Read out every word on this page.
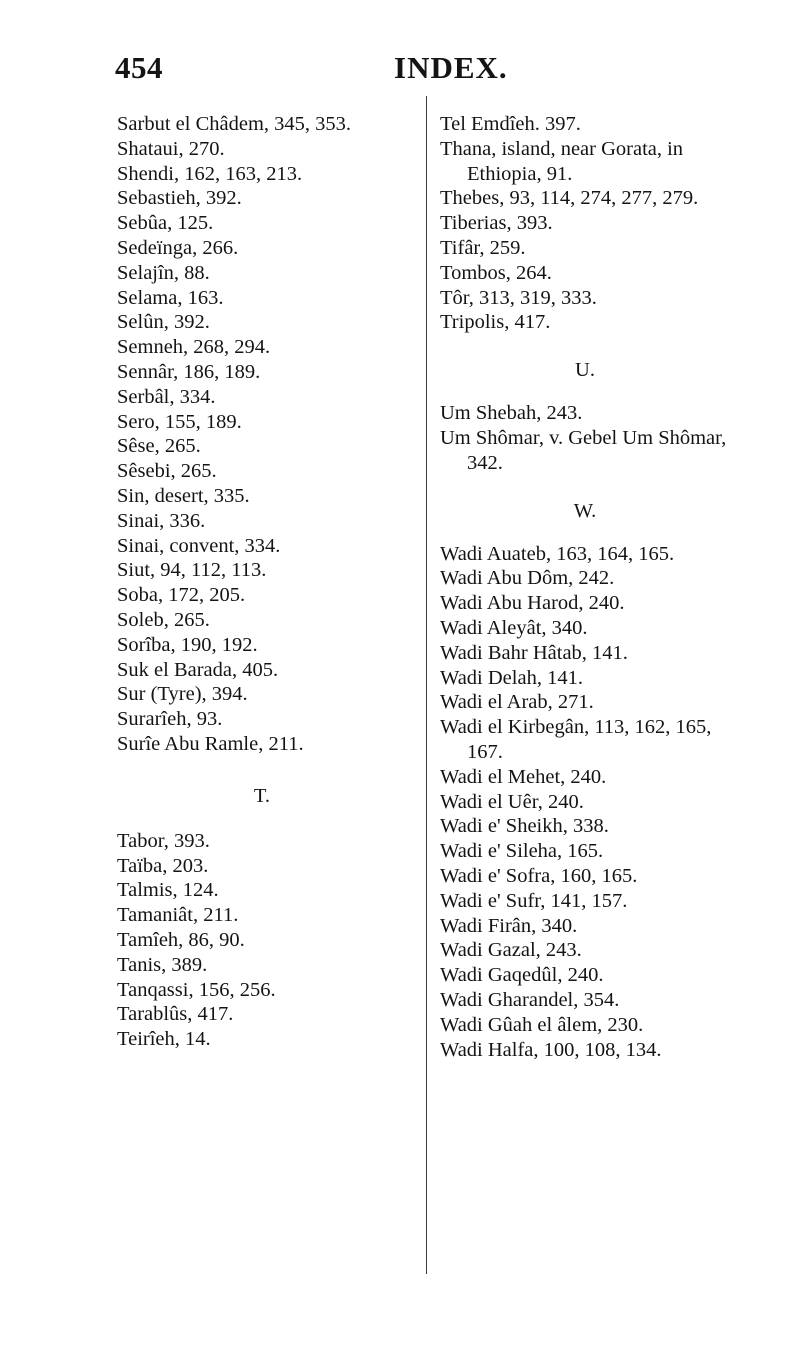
454	INDEX.
Sarbut el Châdem, 345, 353.
Shataui, 270.
Shendi, 162, 163, 213.
Sebastieh, 392.
Sebûa, 125.
Sedeïnga, 266.
Selajîn, 88.
Selama, 163.
Selûn, 392.
Semneh, 268, 294.
Sennâr, 186, 189.
Serbâl, 334.
Sero, 155, 189.
Sêse, 265.
Sêsebi, 265.
Sin, desert, 335.
Sinai, 336.
Sinai, convent, 334.
Siut, 94, 112, 113.
Soba, 172, 205.
Soleb, 265.
Sorîba, 190, 192.
Suk el Barada, 405.
Sur (Tyre), 394.
Surarîeh, 93.
Surîe Abu Ramle, 211.
T.
Tabor, 393.
Taïba, 203.
Talmis, 124.
Tamaniât, 211.
Tamîeh, 86, 90.
Tanis, 389.
Tanqassi, 156, 256.
Tarablûs, 417.
Teirîeh, 14.
Tel Emdîeh. 397.
Thana, island, near Gorata, in Ethiopia, 91.
Thebes, 93, 114, 274, 277, 279.
Tiberias, 393.
Tifâr, 259.
Tombos, 264.
Tôr, 313, 319, 333.
Tripolis, 417.
U.
Um Shebah, 243.
Um Shômar, v. Gebel Um Shômar, 342.
W.
Wadi Auateb, 163, 164, 165.
Wadi Abu Dôm, 242.
Wadi Abu Harod, 240.
Wadi Aleyât, 340.
Wadi Bahr Hâtab, 141.
Wadi Delah, 141.
Wadi el Arab, 271.
Wadi el Kirbegân, 113, 162, 165, 167.
Wadi el Mehet, 240.
Wadi el Uêr, 240.
Wadi e' Sheikh, 338.
Wadi e' Sileha, 165.
Wadi e' Sofra, 160, 165.
Wadi e' Sufr, 141, 157.
Wadi Firân, 340.
Wadi Gazal, 243.
Wadi Gaqedûl, 240.
Wadi Gharandel, 354.
Wadi Gûah el âlem, 230.
Wadi Halfa, 100, 108, 134.
